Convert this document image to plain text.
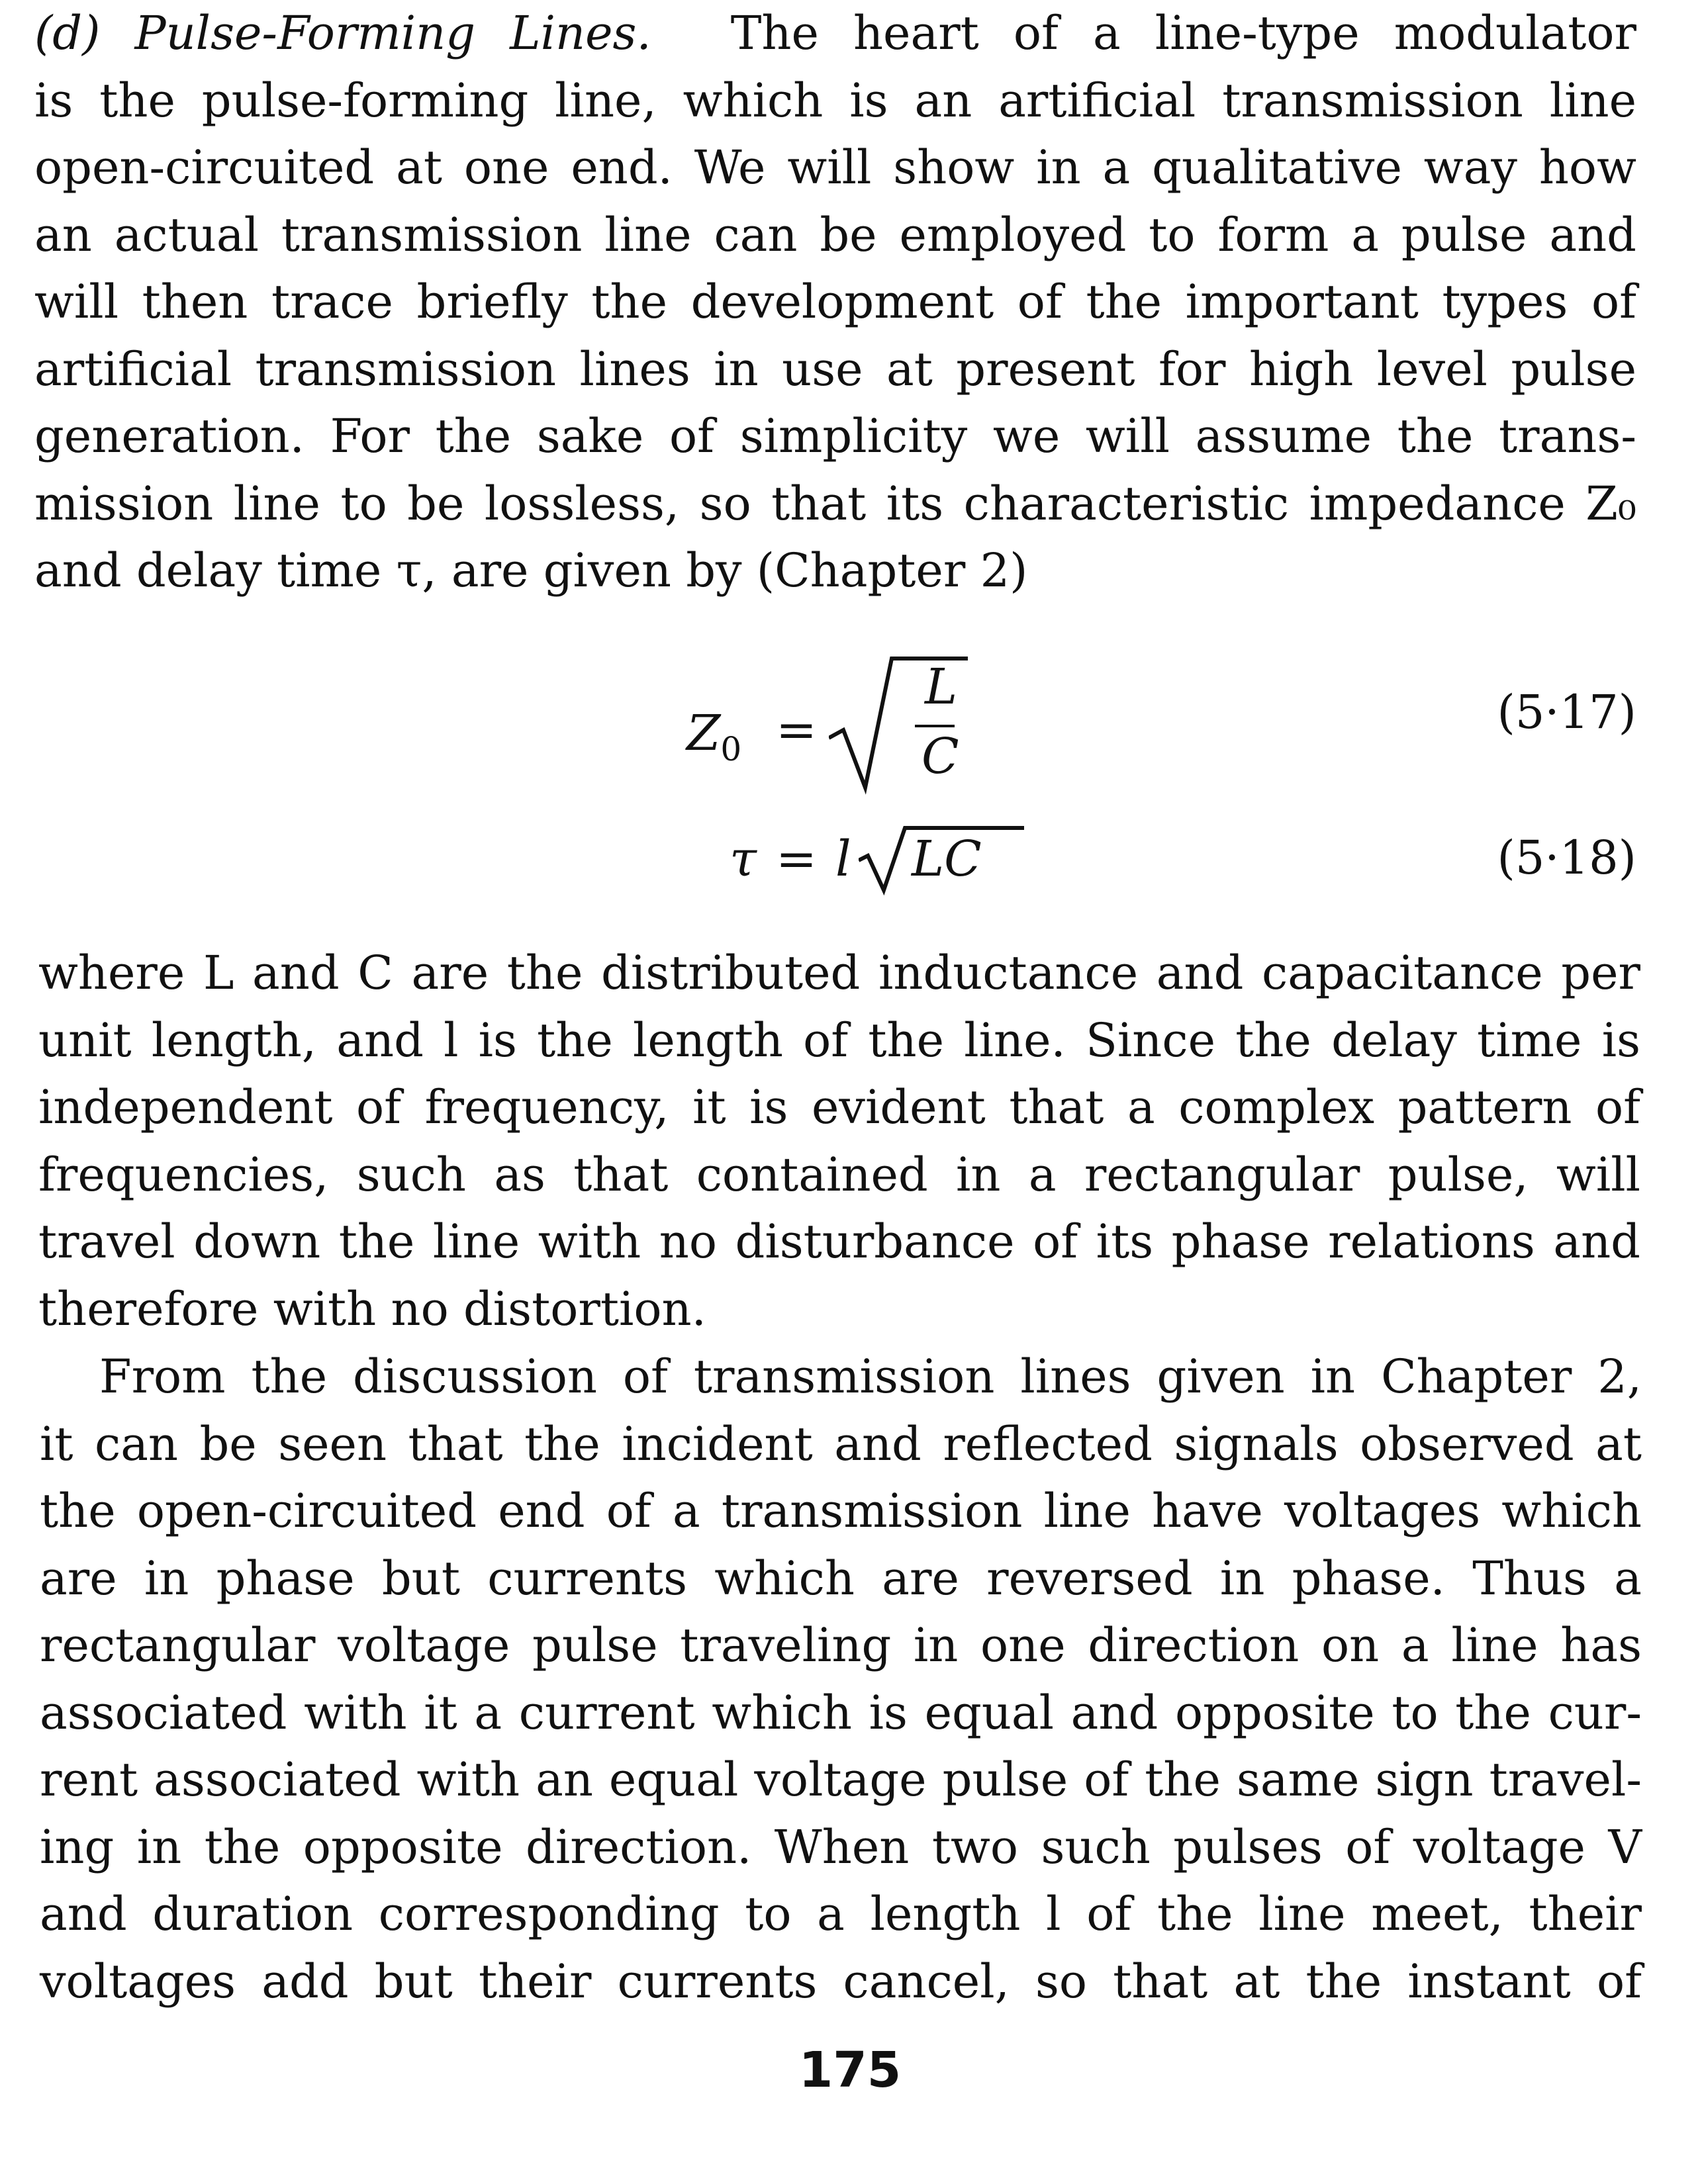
(d) Pulse-Forming Lines. The heart of a line-type modulator
is the pulse-forming line, which is an artificial transmission line
open-circuited at one end. We will show in a qualitative way how
an actual transmission line can be employed to form a pulse and
will then trace briefly the development of the important types of
artificial transmission lines in use at present for high level pulse
generation. For the sake of simplicity we will assume the trans-
mission line to be lossless, so that its characteristic impedance Z₀
and delay time τ, are given by (Chapter 2)
$Z_0$ =
L
C
(5·17)
τ = l LC	(5·18)
where L and C are the distributed inductance and capacitance per
unit length, and l is the length of the line. Since the delay time is
independent of frequency, it is evident that a complex pattern of
frequencies, such as that contained in a rectangular pulse, will
travel down the line with no disturbance of its phase relations and
therefore with no distortion.
From the discussion of transmission lines given in Chapter 2,
it can be seen that the incident and reflected signals observed at
the open-circuited end of a transmission line have voltages which
are in phase but currents which are reversed in phase. Thus a
rectangular voltage pulse traveling in one direction on a line has
associated with it a current which is equal and opposite to the cur-
rent associated with an equal voltage pulse of the same sign travel-
ing in the opposite direction. When two such pulses of voltage V
and duration corresponding to a length l of the line meet, their
voltages add but their currents cancel, so that at the instant of
175
